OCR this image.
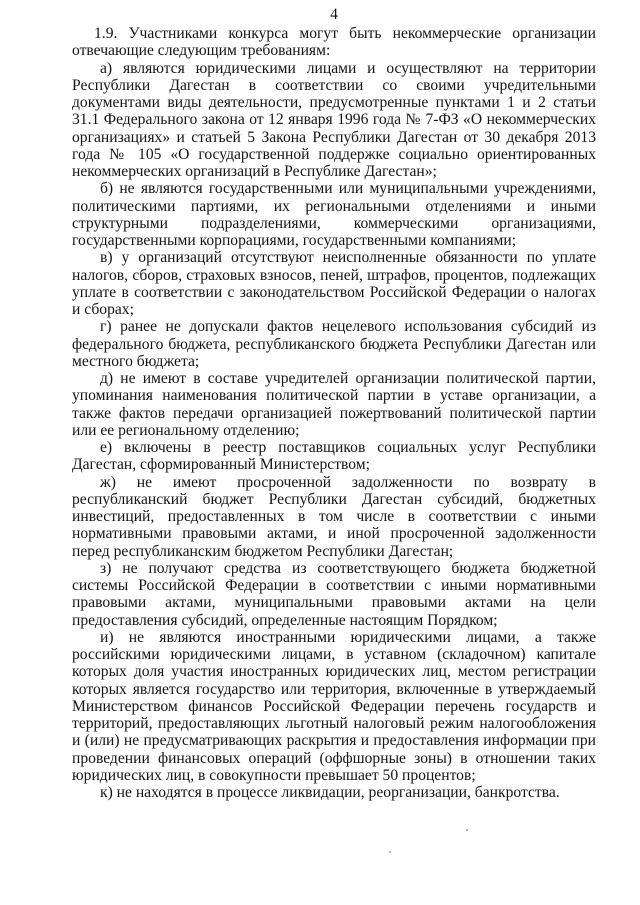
4

1.9. Участниками конкурса могут быть некоммерческие организации отвечающие следующим требованиям:

а) являются юридическими лицами и осуществляют на территории Республики Дагестан в соответствии со своими учредительными документами виды деятельности, предусмотренные пунктами 1 и 2 статьи 31.1 Федерального закона от 12 января 1996 года № 7-ФЗ «О некоммерческих организациях» и статьей 5 Закона Республики Дагестан от 30 декабря 2013 года № 105 «О государственной поддержке социально ориентированных некоммерческих организаций в Республике Дагестан»;

б) не являются государственными или муниципальными учреждениями, политическими партиями, их региональными отделениями и иными структурными подразделениями, коммерческими организациями, государственными корпорациями, государственными компаниями;

в) у организаций отсутствуют неисполненные обязанности по уплате налогов, сборов, страховых взносов, пеней, штрафов, процентов, подлежащих уплате в соответствии с законодательством Российской Федерации о налогах и сборах;

г) ранее не допускали фактов нецелевого использования субсидий из федерального бюджета, республиканского бюджета Республики Дагестан или местного бюджета;

д) не имеют в составе учредителей организации политической партии, упоминания наименования политической партии в уставе организации, а также фактов передачи организацией пожертвований политической партии или ее региональному отделению;

е) включены в реестр поставщиков социальных услуг Республики Дагестан, сформированный Министерством;

ж) не имеют просроченной задолженности по возврату в республиканский бюджет Республики Дагестан субсидий, бюджетных инвестиций, предоставленных в том числе в соответствии с иными нормативными правовыми актами, и иной просроченной задолженности перед республиканским бюджетом Республики Дагестан;

з) не получают средства из соответствующего бюджета бюджетной системы Российской Федерации в соответствии с иными нормативными правовыми актами, муниципальными правовыми актами на цели предоставления субсидий, определенные настоящим Порядком;

и) не являются иностранными юридическими лицами, а также российскими юридическими лицами, в уставном (складочном) капитале которых доля участия иностранных юридических лиц, местом регистрации которых является государство или территория, включенные в утверждаемый Министерством финансов Российской Федерации перечень государств и территорий, предоставляющих льготный налоговый режим налогообложения и (или) не предусматривающих раскрытия и предоставления информации при проведении финансовых операций (оффшорные зоны) в отношении таких юридических лиц, в совокупности превышает 50 процентов;

к) не находятся в процессе ликвидации, реорганизации, банкротства.
